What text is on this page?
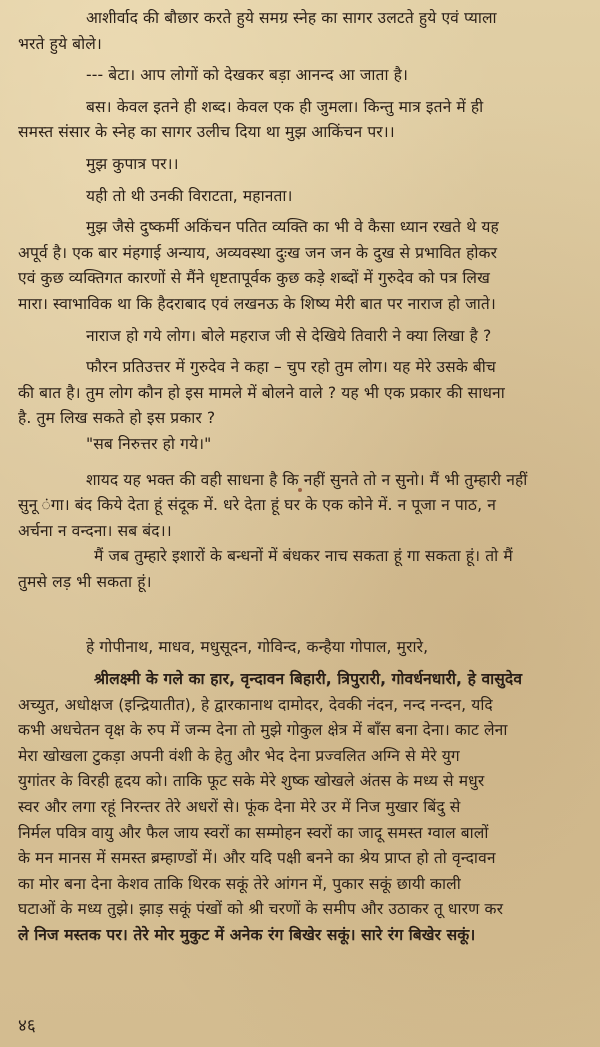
आशीर्वाद की बौछार करते हुये समग्र स्नेह का सागर उलटते हुये एवं प्याला
भरते हुये बोले।

--- बेटा। आप लोगों को देखकर बड़ा आनन्द आ जाता है।

बस। केवल इतने ही शब्द। केवल एक ही जुमला। किन्तु मात्र इतने में ही
समस्त संसार के स्नेह का सागर उलीच दिया था मुझ आकिंचन पर।।

मुझ कुपात्र पर।।

यही तो थी उनकी विराटता, महानता।

मुझ जैसे दुष्कर्मी अकिंचन पतित व्यक्ति का भी वे कैसा ध्यान रखते थे यह
अपूर्व है। एक बार मंहगाई अन्याय, अव्यवस्था दुःख जन जन के दुख से प्रभावित होकर
एवं कुछ व्यक्तिगत कारणों से मैंने धृष्टतापूर्वक कुछ कड़े शब्दों में गुरुदेव को पत्र लिख
मारा। स्वाभाविक था कि हैदराबाद एवं लखनऊ के शिष्य मेरी बात पर नाराज हो जाते।

नाराज हो गये लोग। बोले महराज जी से देखिये तिवारी ने क्या लिखा है ?

फौरन प्रतिउत्तर में गुरुदेव ने कहा – चुप रहो तुम लोग। यह मेरे उसके बीच
की बात है। तुम लोग कौन हो इस मामले में बोलने वाले ? यह भी एक प्रकार की साधना
है. तुम लिख सकते हो इस प्रकार ?

"सब निरुत्तर हो गये।"

शायद यह भक्त की वही साधना है कि नहीं सुनते तो न सुनो। मैं भी तुम्हारी नहीं
सुनू ंगा। बंद किये देता हूं संदूक में. धरे देता हूं घर के एक कोने में. न पूजा न पाठ, न
अर्चना न वन्दना। सब बंद।।

मैं जब तुम्हारे इशारों के बन्धनों में बंधकर नाच सकता हूं गा सकता हूं। तो मैं
तुमसे लड़ भी सकता हूं।

हे गोपीनाथ, माधव, मधुसूदन, गोविन्द, कन्हैया गोपाल, मुरारे,

श्रीलक्ष्मी के गले का हार, वृन्दावन बिहारी, त्रिपुरारी, गोवर्धनधारी, हे वासुदेव
अच्युत, अधोक्षज (इन्द्रियातीत), हे द्वारकानाथ दामोदर, देवकी नंदन, नन्द नन्दन, यदि
कभी अधचेतन वृक्ष के रुप में जन्म देना तो मुझे गोकुल क्षेत्र में बाँस बना देना। काट लेना
मेरा खोखला टुकड़ा अपनी वंशी के हेतु और भेद देना प्रज्वलित अग्नि से मेरे युग
युगांतर के विरही हृदय को। ताकि फूट सके मेरे शुष्क खोखले अंतस के मध्य से मधुर
स्वर और लगा रहूं निरन्तर तेरे अधरों से। फूंक देना मेरे उर में निज मुखार बिंदु से
निर्मल पवित्र वायु और फैल जाय स्वरों का सम्मोहन स्वरों का जादू समस्त ग्वाल बालों
के मन मानस में समस्त ब्रम्हाण्डों में। और यदि पक्षी बनने का श्रेय प्राप्त हो तो वृन्दावन
का मोर बना देना केशव ताकि थिरक सकूं तेरे आंगन में, पुकार सकूं छायी काली
घटाओं के मध्य तुझे। झाड़ सकूं पंखों को श्री चरणों के समीप और उठाकर तू धारण कर
ले निज मस्तक पर। तेरे मोर मुकुट में अनेक रंग बिखेर सकूं। सारे रंग बिखेर सकूं।

४६
